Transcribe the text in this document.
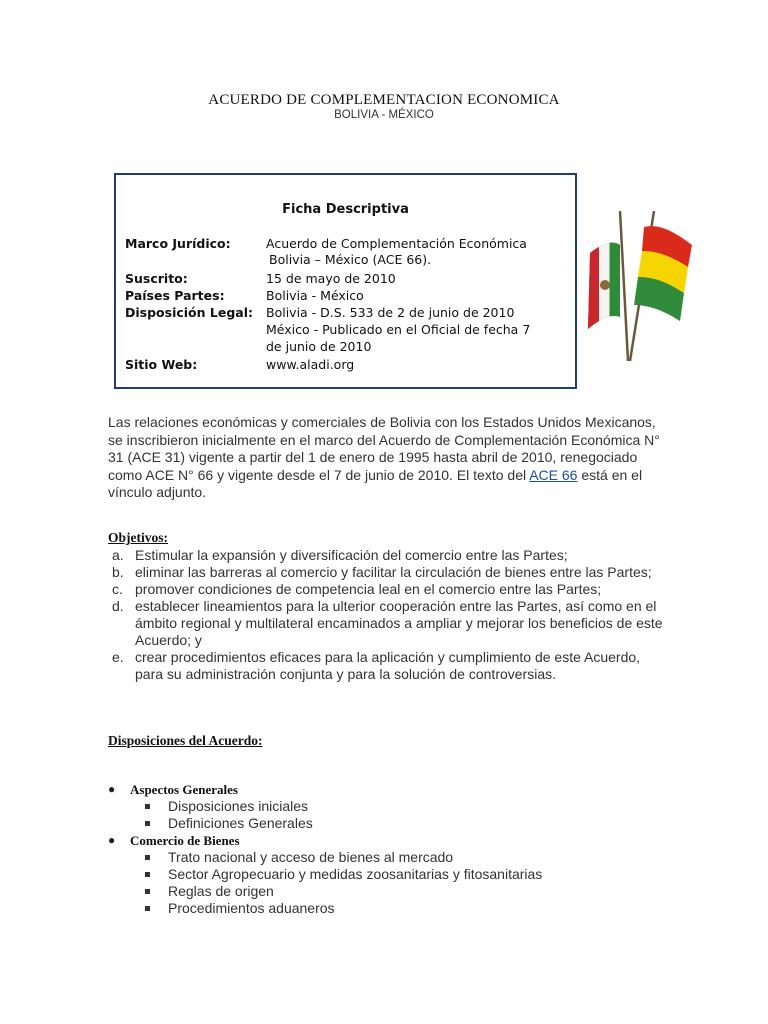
ACUERDO DE COMPLEMENTACION ECONOMICA
BOLIVIA - MÉXICO
Ficha Descriptiva
Marco Jurídico:	Acuerdo de Complementación Económica
Bolivia – México (ACE 66).
Suscrito:	15 de mayo de 2010
Países Partes:	Bolivia - México
Disposición Legal: Bolivia - D.S. 533 de 2 de junio de 2010
México - Publicado en el Oficial de fecha 7
de junio de 2010
Sitio Web:	www.aladi.org
Las relaciones económicas y comerciales de Bolivia con los Estados Unidos Mexicanos, se inscribieron inicialmente en el marco del Acuerdo de Complementación Económica N° 31 (ACE 31) vigente a partir del 1 de enero de 1995 hasta abril de 2010, renegociado como ACE N° 66 y vigente desde el 7 de junio de 2010. El texto del ACE 66 está en el vínculo adjunto.
Objetivos:
a. Estimular la expansión y diversificación del comercio entre las Partes;
b. eliminar las barreras al comercio y facilitar la circulación de bienes entre las Partes;
c. promover condiciones de competencia leal en el comercio entre las Partes;
d. establecer lineamientos para la ulterior cooperación entre las Partes, así como en el ámbito regional y multilateral encaminados a ampliar y mejorar los beneficios de este Acuerdo; y
e. crear procedimientos eficaces para la aplicación y cumplimiento de este Acuerdo, para su administración conjunta y para la solución de controversias.
Disposiciones del Acuerdo:
● Aspectos Generales
Disposiciones iniciales
Definiciones Generales
● Comercio de Bienes
Trato nacional y acceso de bienes al mercado
Sector Agropecuario y medidas zoosanitarias y fitosanitarias
Reglas de origen
Procedimientos aduaneros
